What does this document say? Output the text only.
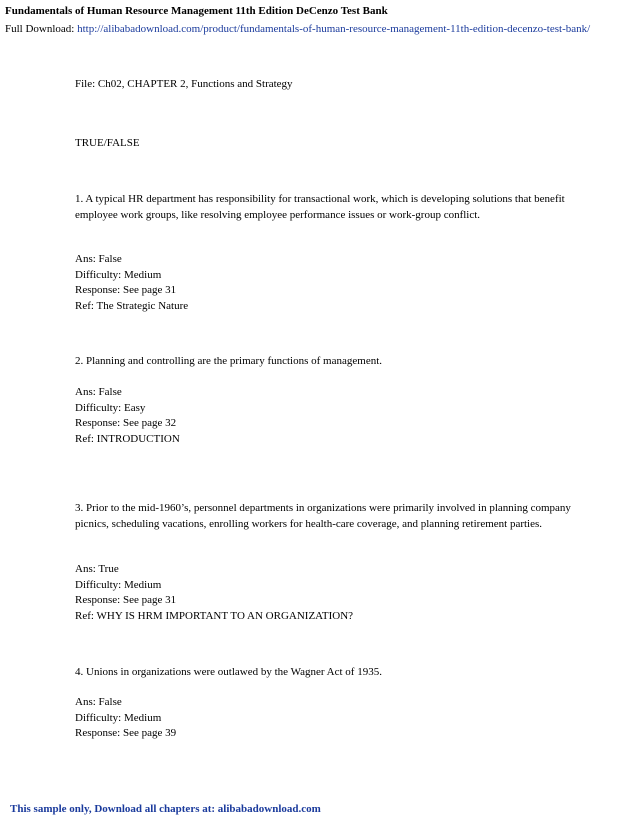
Fundamentals of Human Resource Management 11th Edition DeCenzo Test Bank
Full Download: http://alibabadownload.com/product/fundamentals-of-human-resource-management-11th-edition-decenzo-test-bank/

File: Ch02, CHAPTER 2, Functions and Strategy

TRUE/FALSE

1. A typical HR department has responsibility for transactional work, which is developing solutions that benefit employee work groups, like resolving employee performance issues or work-group conflict.

Ans: False
Difficulty: Medium
Response: See page 31
Ref: The Strategic Nature

2. Planning and controlling are the primary functions of management.

Ans: False
Difficulty: Easy
Response: See page 32
Ref: INTRODUCTION

3. Prior to the mid-1960’s, personnel departments in organizations were primarily involved in planning company picnics, scheduling vacations, enrolling workers for health-care coverage, and planning retirement parties.

Ans: True
Difficulty: Medium
Response: See page 31
Ref: WHY IS HRM IMPORTANT TO AN ORGANIZATION?

4. Unions in organizations were outlawed by the Wagner Act of 1935.

Ans: False
Difficulty: Medium
Response: See page 39

This sample only, Download all chapters at: alibabadownload.com
